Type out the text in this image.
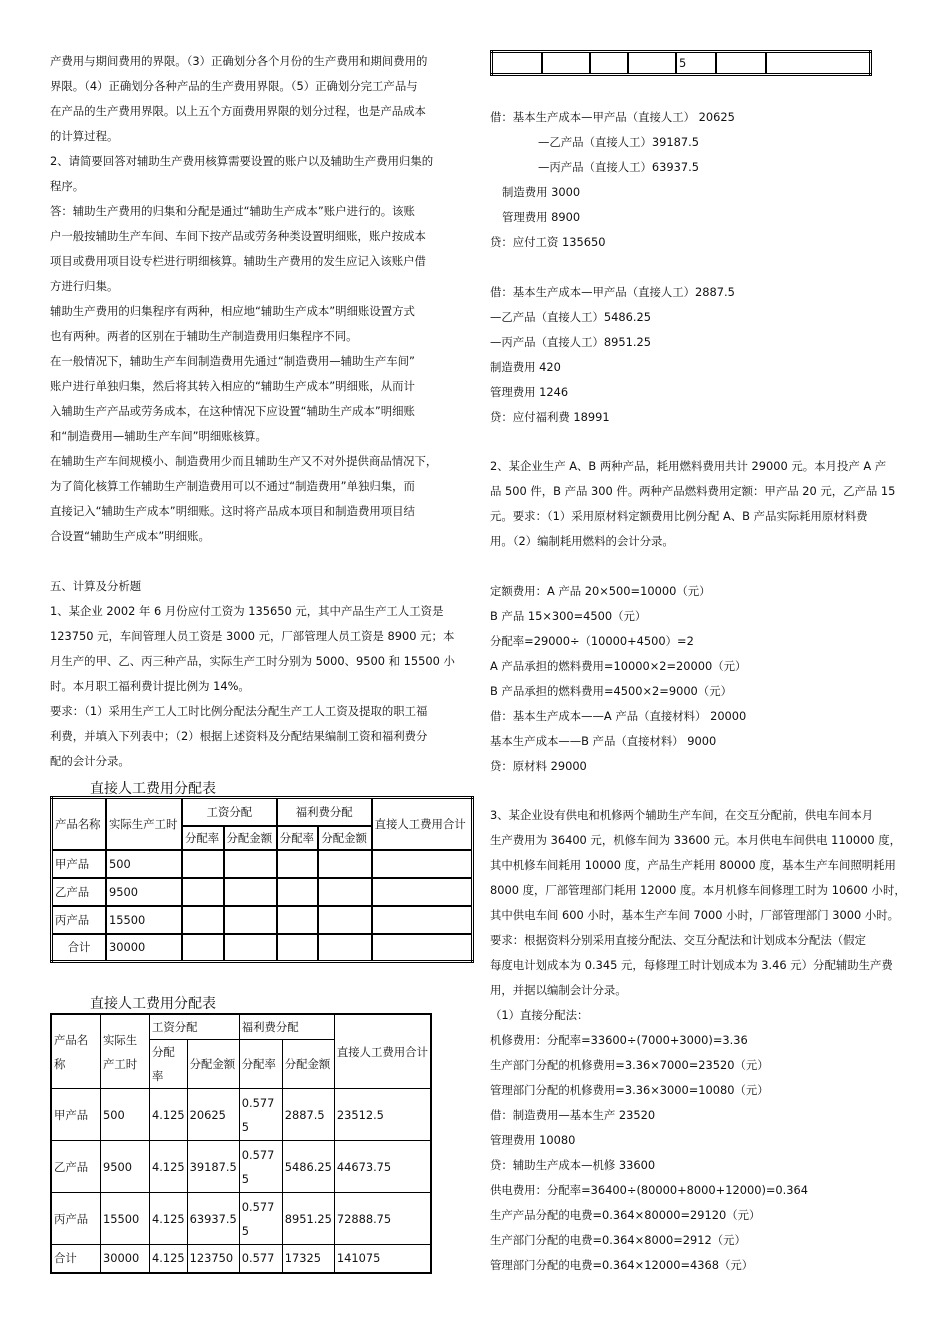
产费用与期间费用的界限。（3）正确划分各个月份的生产费用和期间费用的
界限。（4）正确划分各种产品的生产费用界限。（5）正确划分完工产品与
在产品的生产费用界限。以上五个方面费用界限的划分过程，也是产品成本
的计算过程。
2、请简要回答对辅助生产费用核算需要设置的账户以及辅助生产费用归集的
程序。
答：辅助生产费用的归集和分配是通过“辅助生产成本”账户进行的。该账
户一般按辅助生产车间、车间下按产品或劳务种类设置明细账，账户按成本
项目或费用项目设专栏进行明细核算。辅助生产费用的发生应记入该账户借
方进行归集。
辅助生产费用的归集程序有两种，相应地“辅助生产成本”明细账设置方式
也有两种。两者的区别在于辅助生产制造费用归集程序不同。
在一般情况下，辅助生产车间制造费用先通过“制造费用—辅助生产车间”
账户进行单独归集，然后将其转入相应的“辅助生产成本”明细账，从而计
入辅助生产产品或劳务成本，在这种情况下应设置“辅助生产成本”明细账
和“制造费用—辅助生产车间”明细账核算。
在辅助生产车间规模小、制造费用少而且辅助生产又不对外提供商品情况下，
为了简化核算工作辅助生产制造费用可以不通过“制造费用”单独归集，而
直接记入“辅助生产成本”明细账。这时将产品成本项目和制造费用项目结
合设置“辅助生产成本”明细账。
五、计算及分析题
1、某企业 2002 年 6 月份应付工资为 135650 元，其中产品生产工人工资是
123750 元，车间管理人员工资是 3000 元，厂部管理人员工资是 8900 元；本
月生产的甲、乙、丙三种产品，实际生产工时分别为 5000、9500 和 15500 小
时。本月职工福利费计提比例为 14%。
要求：（1）采用生产工人工时比例分配法分配生产工人工资及提取的职工福
利费，并填入下列表中；（2）根据上述资料及分配结果编制工资和福利费分
配的会计分录。
直接人工费用分配表
产品名称	实际生产工时	工资分配		福利费分配		直接人工费用合计
		分配率	分配金额	分配率	分配金额	
甲产品	500					
乙产品	9500					
丙产品	15500					
合计	30000					
直接人工费用分配表
产品名称	实际生产工时	工资分配		福利费分配		直接人工费用合计
		分配率	分配金额	分配率	分配金额	
甲产品	500	4.125	20625	0.5775	2887.5	23512.5
乙产品	9500	4.125	39187.5	0.5775	5486.25	44673.75
丙产品	15500	4.125	63937.5	0.5775	8951.25	72888.75
合计	30000	4.125	123750	0.577	17325	141075
				5		
借：基本生产成本—甲产品（直接人工） 20625
—乙产品（直接人工）39187.5
—丙产品（直接人工）63937.5
制造费用 3000
管理费用 8900
贷：应付工资 135650
借：基本生产成本—甲产品（直接人工）2887.5
—乙产品（直接人工）5486.25
—丙产品（直接人工）8951.25
制造费用 420
管理费用 1246
贷：应付福利费 18991
2、某企业生产 A、B 两种产品，耗用燃料费用共计 29000 元。本月投产 A 产
品 500 件，B 产品 300 件。两种产品燃料费用定额：甲产品 20 元，乙产品 15
元。要求：（1）采用原材料定额费用比例分配 A、B 产品实际耗用原材料费
用。（2）编制耗用燃料的会计分录。
定额费用：A 产品 20×500=10000（元）
B 产品 15×300=4500（元）
分配率=29000÷（10000+4500）=2
A 产品承担的燃料费用=10000×2=20000（元）
B 产品承担的燃料费用=4500×2=9000（元）
借：基本生产成本——A 产品（直接材料） 20000
基本生产成本——B 产品（直接材料） 9000
贷：原材料 29000
3、某企业设有供电和机修两个辅助生产车间，在交互分配前，供电车间本月
生产费用为 36400 元，机修车间为 33600 元。本月供电车间供电 110000 度，
其中机修车间耗用 10000 度，产品生产耗用 80000 度，基本生产车间照明耗用
8000 度，厂部管理部门耗用 12000 度。本月机修车间修理工时为 10600 小时，
其中供电车间 600 小时，基本生产车间 7000 小时，厂部管理部门 3000 小时。
要求：根据资料分别采用直接分配法、交互分配法和计划成本分配法（假定
每度电计划成本为 0.345 元，每修理工时计划成本为 3.46 元）分配辅助生产费
用，并据以编制会计分录。
（1）直接分配法：
机修费用：分配率=33600÷(7000+3000)=3.36
生产部门分配的机修费用=3.36×7000=23520（元）
管理部门分配的机修费用=3.36×3000=10080（元）
借：制造费用—基本生产 23520
管理费用 10080
贷：辅助生产成本—机修 33600
供电费用：分配率=36400÷(80000+8000+12000)=0.364
生产产品分配的电费=0.364×80000=29120（元）
生产部门分配的电费=0.364×8000=2912（元）
管理部门分配的电费=0.364×12000=4368（元）
